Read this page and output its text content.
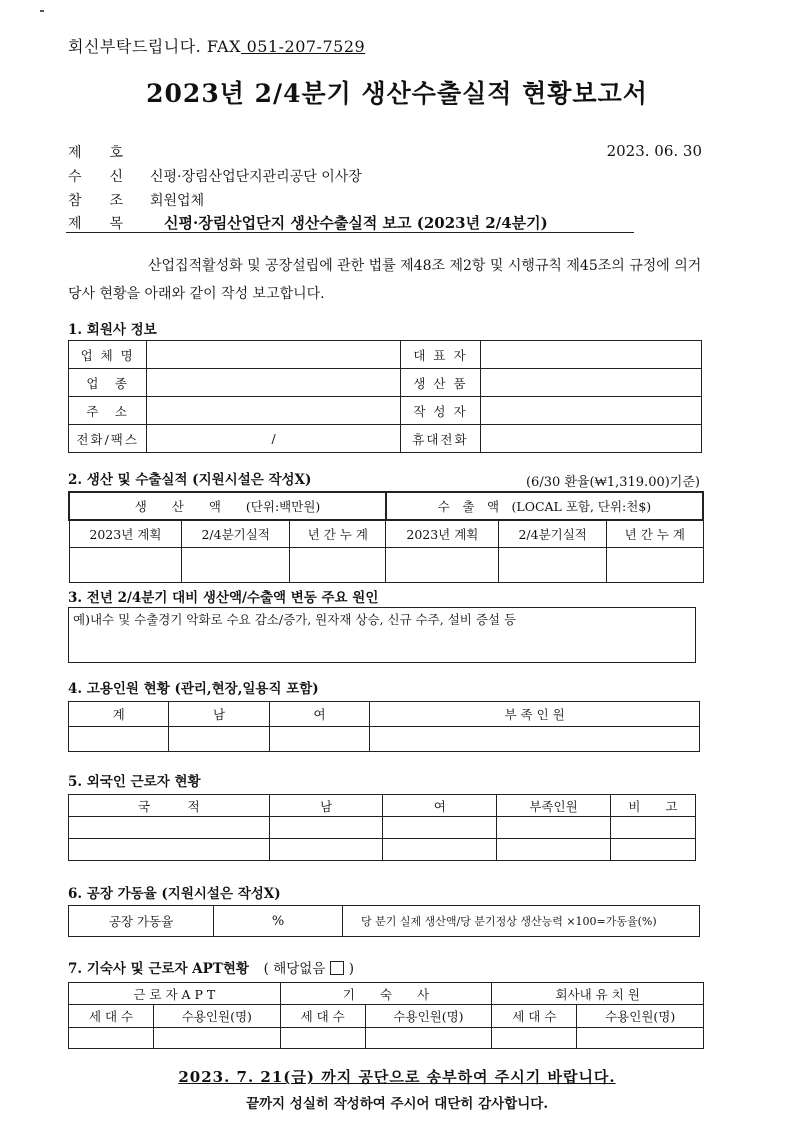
회신부탁드립니다. FAX 051-207-7529
2023년 2/4분기 생산수출실적 현황보고서
제　　호	2023. 06. 30
수　　신	신평·장림산업단지관리공단 이사장
참　　조	회원업체
제　　목	신평·장림산업단지 생산수출실적 보고 (2023년 2/4분기)
산업집적활성화 및 공장설립에 관한 법률 제48조 제2항 및 시행규칙 제45조의 규정에 의거 당사 현황을 아래와 같이 작성 보고합니다.
1. 회원사 정보
업 체 명		대 표 자	
업　종		생 산 품	
주　소		작 성 자	
전화/팩스	/	휴대전화	
2. 생산 및 수출실적 (지원시설은 작성X)	(6/30 환율(₩1,319.00)기준)
생　　산　　액　　(단위:백만원)			수　출　액　(LOCAL 포함, 단위:천$)		
2023년 계획	2/4분기실적	년 간 누 계	2023년 계획	2/4분기실적	년 간 누 계

3. 전년 2/4분기 대비 생산액/수출액 변동 주요 원인
예)내수 및 수출경기 악화로 수요 감소/증가, 원자재 상승, 신규 수주, 설비 증설 등
4. 고용인원 현황 (관리,현장,일용직 포함)
계	남	여	부 족 인 원

5. 외국인 근로자 현황
국　　　적	남	여	부족인원	비　　고

6. 공장 가동율 (지원시설은 작성X)
공장 가동율	%	당 분기 실제 생산액/당 분기정상 생산능력 ×100=가동율(%)
7. 기숙사 및 근로자 APT현황 ( 해당없음 )
근 로 자 A P T		기　　숙　　사		회사내 유 치 원	
세 대 수	수용인원(명)	세 대 수	수용인원(명)	세 대 수	수용인원(명)

2023. 7. 21(금) 까지 공단으로 송부하여 주시기 바랍니다.
끝까지 성실히 작성하여 주시어 대단히 감사합니다.
